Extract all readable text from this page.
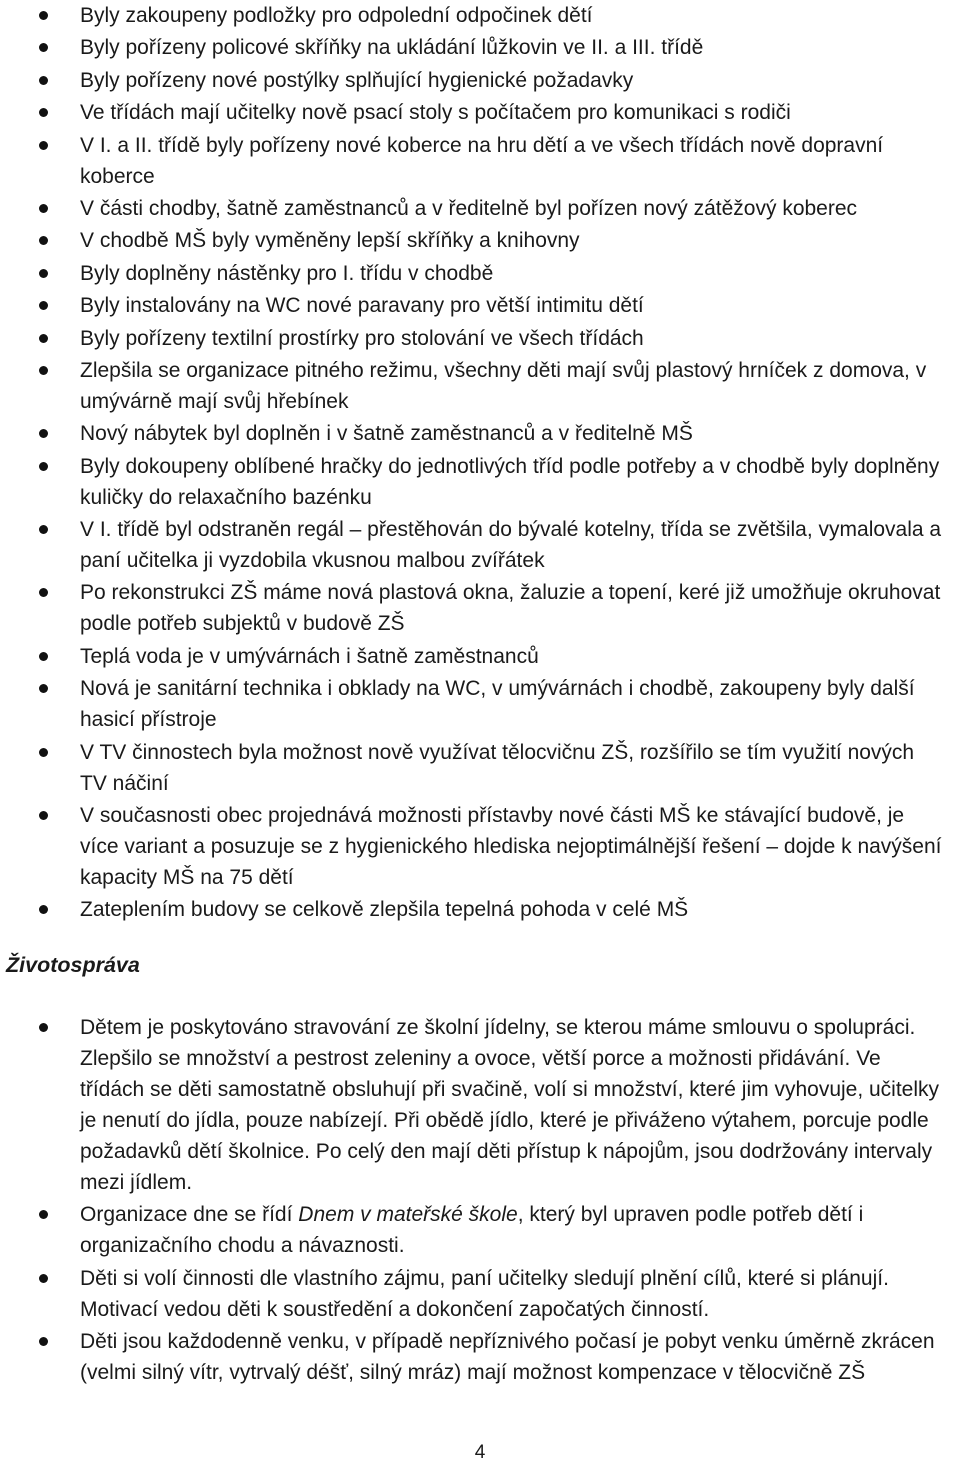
Byly zakoupeny podložky pro odpolední odpočinek dětí
Byly pořízeny policové skříňky na ukládání lůžkovin ve II. a III. třídě
Byly pořízeny nové postýlky splňující hygienické požadavky
Ve třídách mají učitelky nově psací stoly s počítačem pro komunikaci s rodiči
V I. a II. třídě byly pořízeny nové koberce na hru dětí a ve všech třídách nově dopravní koberce
V části chodby, šatně zaměstnanců a v ředitelně byl pořízen nový zátěžový koberec
V chodbě MŠ byly vyměněny lepší skříňky a knihovny
Byly doplněny nástěnky pro I. třídu v chodbě
Byly instalovány na WC nové paravany pro větší intimitu dětí
Byly pořízeny textilní prostírky pro stolování ve všech třídách
Zlepšila se organizace pitného režimu, všechny děti mají svůj plastový hrníček z domova, v umývárně mají svůj hřebínek
Nový nábytek byl doplněn i v šatně zaměstnanců a v ředitelně MŠ
Byly dokoupeny oblíbené hračky do jednotlivých tříd podle potřeby a v chodbě byly doplněny kuličky do relaxačního bazénku
V I. třídě byl odstraněn regál – přestěhován do bývalé kotelny, třída se zvětšila, vymalovala a paní učitelka ji vyzdobila vkusnou malbou zvířátek
Po rekonstrukci ZŠ máme nová plastová okna, žaluzie a topení, keré již umožňuje okruhovat podle potřeb subjektů v budově ZŠ
Teplá voda je v umývárnách i šatně zaměstnanců
Nová je sanitární technika i obklady na WC, v umývárnách i chodbě, zakoupeny byly další hasicí přístroje
V TV činnostech byla možnost nově využívat tělocvičnu ZŠ, rozšířilo se tím využití nových TV náčiní
V současnosti obec projednává možnosti přístavby nové části MŠ ke stávající budově, je více variant a posuzuje se z hygienického hlediska nejoptimálnější řešení – dojde k navýšení kapacity MŠ na 75 dětí
Zateplením budovy se celkově zlepšila tepelná pohoda v celé MŠ
Životospráva
Dětem je poskytováno stravování ze školní jídelny, se kterou máme smlouvu o spolupráci. Zlepšilo se množství a pestrost zeleniny a ovoce, větší porce a možnosti přidávání. Ve třídách se děti samostatně obsluhují při svačině, volí si množství, které jim vyhovuje, učitelky je nenutí do jídla, pouze nabízejí. Při obědě jídlo, které je přiváženo výtahem, porcuje podle požadavků dětí školnice. Po celý den mají děti přístup k nápojům, jsou dodržovány intervaly mezi jídlem.
Organizace dne se řídí Dnem v mateřské škole, který byl upraven podle potřeb dětí i organizačního chodu a návaznosti.
Děti si volí činnosti dle vlastního zájmu, paní učitelky sledují plnění cílů, které si plánují. Motivací vedou děti k soustředění a dokončení započatých činností.
Děti jsou každodenně venku, v případě nepříznivého počasí je pobyt venku úměrně zkrácen (velmi silný vítr, vytrvalý déšť, silný mráz) mají možnost kompenzace v tělocvičně ZŠ
4
